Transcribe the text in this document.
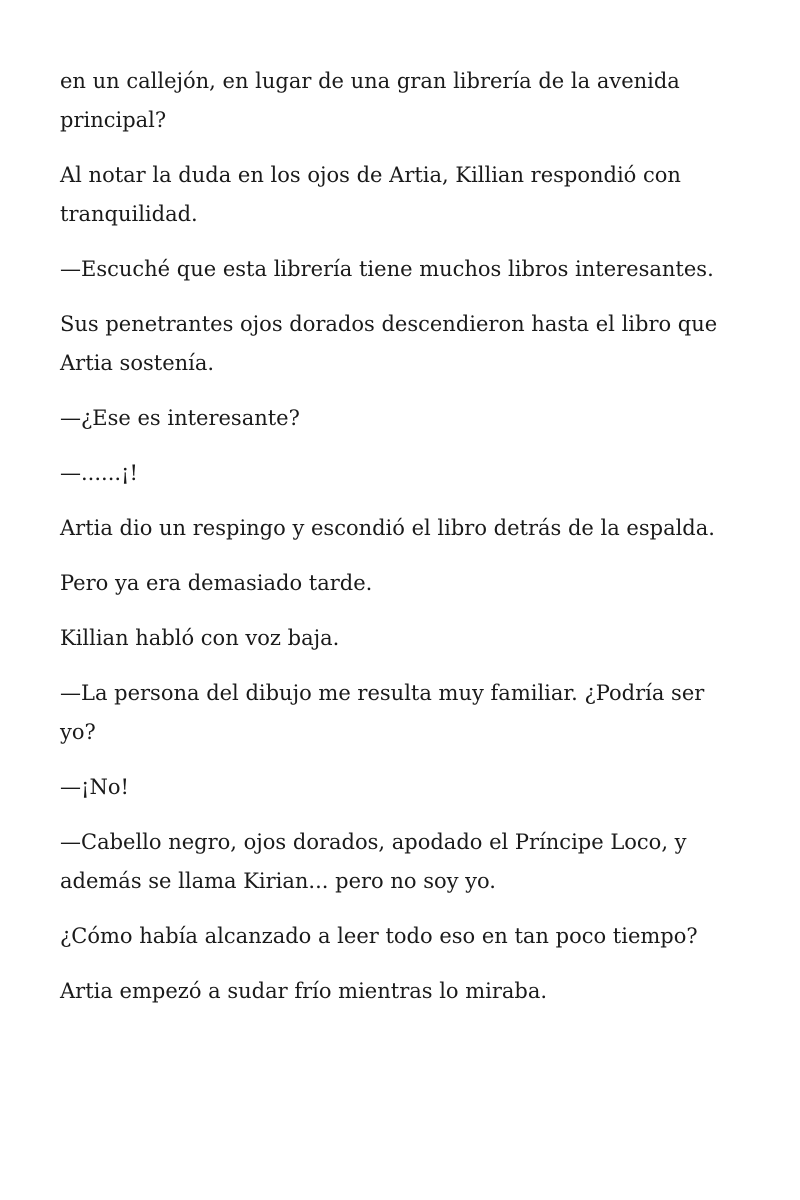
en un callejón, en lugar de una gran librería de la avenida principal?

Al notar la duda en los ojos de Artia, Killian respondió con tranquilidad.

—Escuché que esta librería tiene muchos libros interesantes.

Sus penetrantes ojos dorados descendieron hasta el libro que Artia sostenía.

—¿Ese es interesante?

—......¡!

Artia dio un respingo y escondió el libro detrás de la espalda.

Pero ya era demasiado tarde.

Killian habló con voz baja.

—La persona del dibujo me resulta muy familiar. ¿Podría ser yo?

—¡No!

—Cabello negro, ojos dorados, apodado el Príncipe Loco, y además se llama Kirian... pero no soy yo.

¿Cómo había alcanzado a leer todo eso en tan poco tiempo?

Artia empezó a sudar frío mientras lo miraba.
